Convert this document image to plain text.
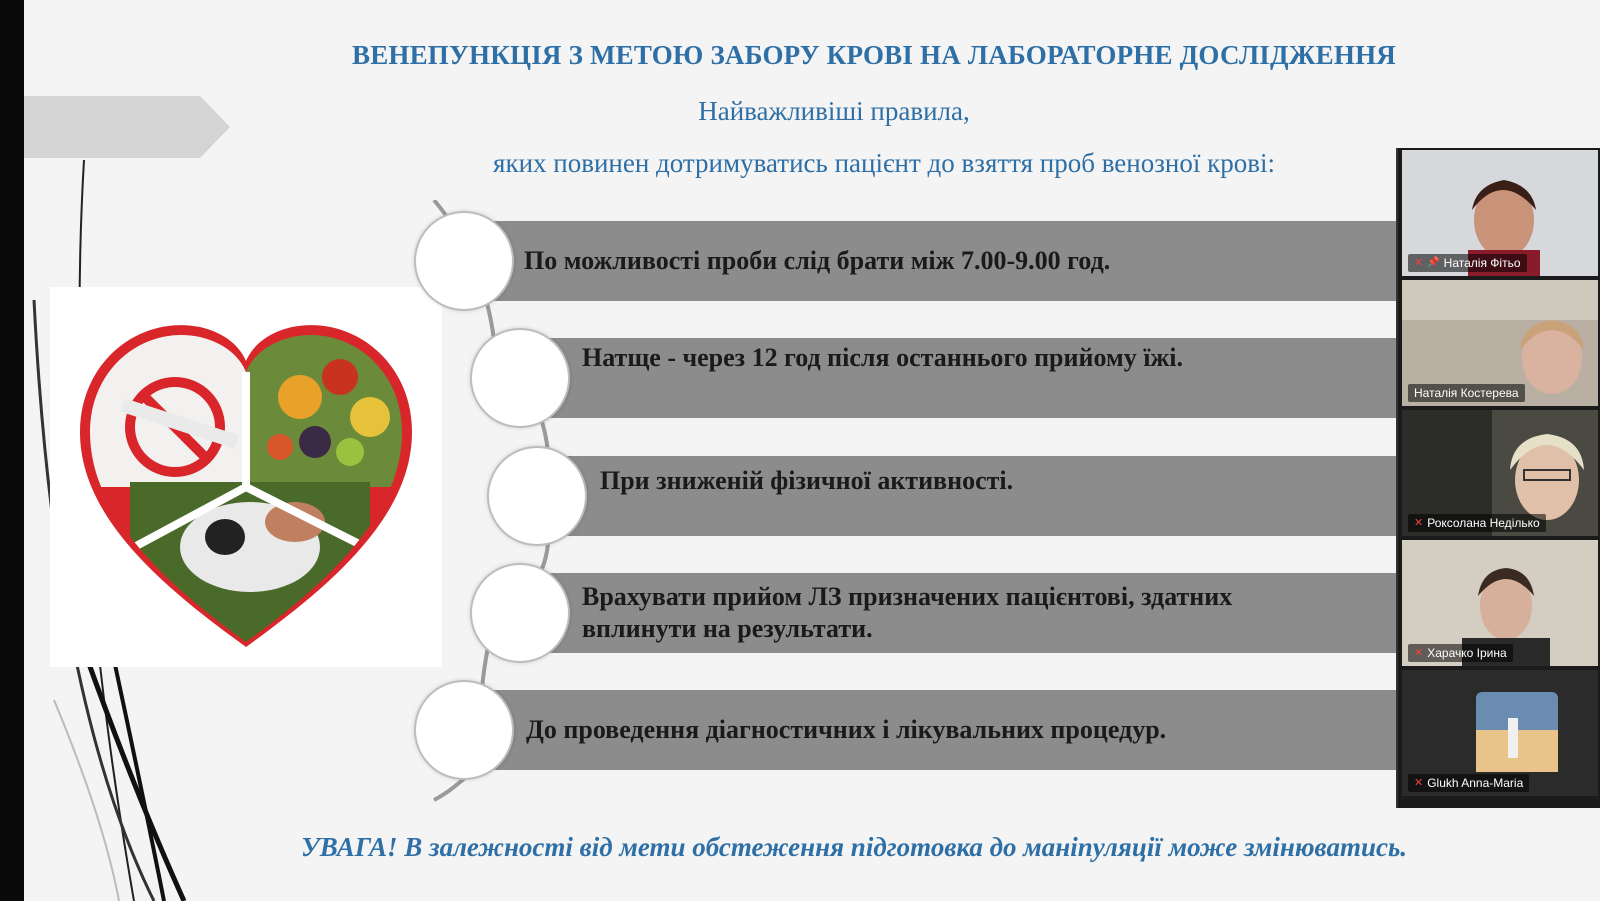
ВЕНЕПУНКЦІЯ З МЕТОЮ ЗАБОРУ КРОВІ НА ЛАБОРАТОРНЕ ДОСЛІДЖЕННЯ
Найважливіші правила,
яких повинен дотримуватись пацієнт до взяття проб венозної крові:
По можливості проби слід брати між 7.00-9.00 год.
Натще - через 12 год після останнього прийому їжі.
При зниженій фізичної активності.
Врахувати прийом ЛЗ призначених пацієнтові, здатних
вплинути на результати.
До проведення діагностичних і лікувальних процедур.
УВАГА! В залежності від мети обстеження підготовка до маніпуляції може змінюватись.
✕ 📌 Наталія Фітьо
Наталія Костерева
✕ Роксолана Неділько
✕ Харачко Ірина
✕ Glukh Anna-Maria
